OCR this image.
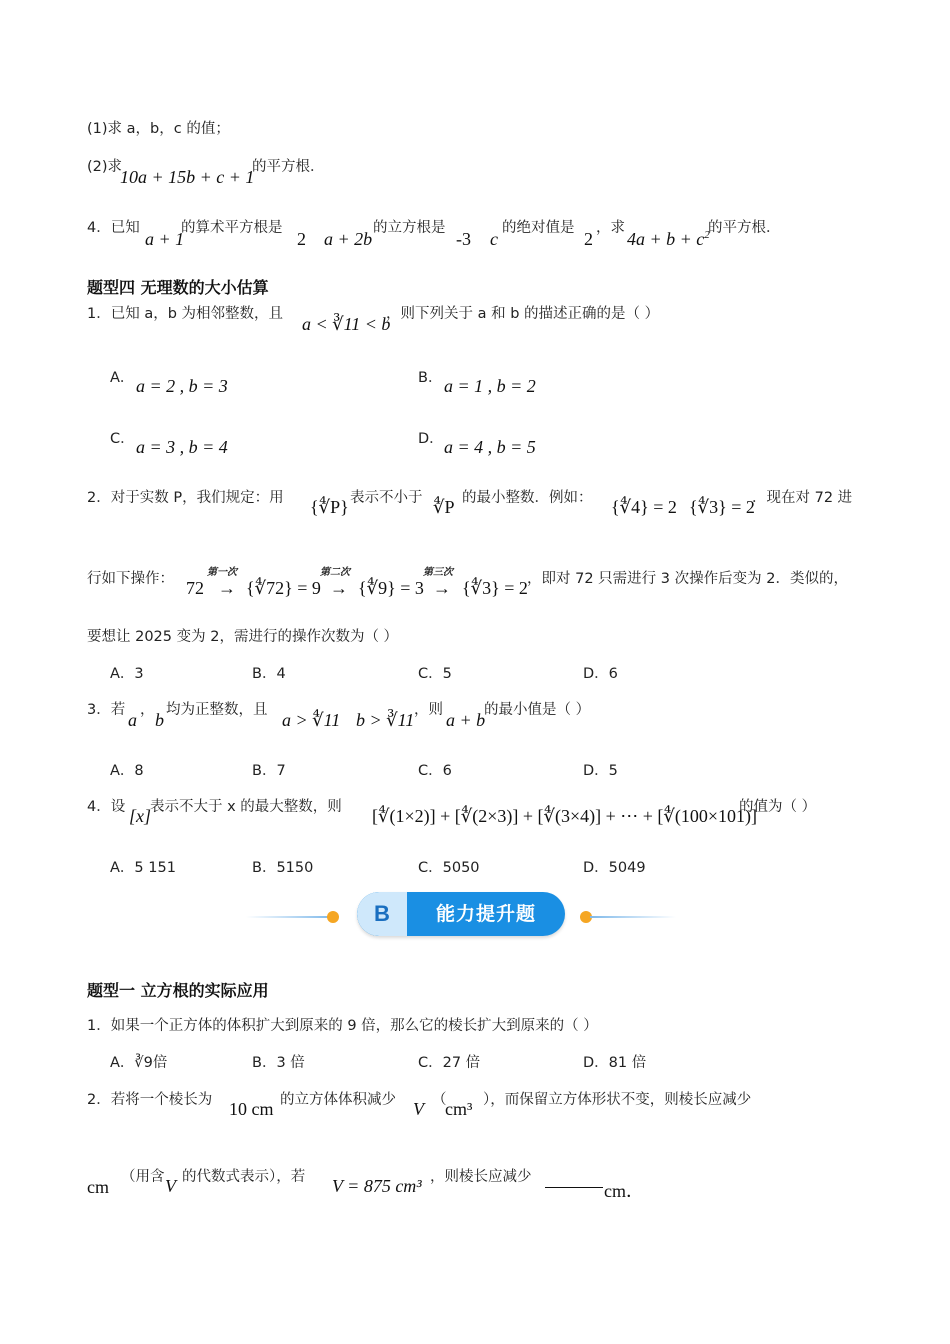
(1)求 a，b，c 的值；
(2)求
10a + 15b + c + 1
的平方根．
4．已知
a + 1
的算术平方根是
2 a + 2b
的立方根是
-3 c
的绝对值是
2
，求
$4a + b + c^2$
的平方根．
题型四 无理数的大小估算
1．已知 a，b 为相邻整数，且 a < ∛11 < b
，则下列关于 a 和 b 的描述正确的是（ ）
A． a = 2 , b = 3	B． a = 1 , b = 2
C． a = 3 , b = 4	D． a = 4 , b = 5
2．对于实数 P，我们规定：用 {∜P} 表示不小于 ∜P 的最小整数．例如： {∜4} = 2 {∜3} = 2
．现在对 72 进
行如下操作： 72
第一次
→ {∜72} = 9
第二次
→ {∜9} = 3
第三次
→ {∜3} = 2 ，即对 72 只需进行 3 次操作后变为 2．类似的，
要想让 2025 变为 2，需进行的操作次数为（ ）
A．3	B．4	C．5	D．6
3．若 a ， b 均为正整数，且 a > ∜11 b > ∛11 ，则 a + b
的最小值是（ ）
A．8	B．7	C．6	D．5
4．设 [x] 表示不大于 x 的最大整数，则 [∜(1×2)] + [∜(2×3)] + [∜(3×4)] + ⋯ + [∜(100×101)]
的值为（ ）
A．5 151	B．5150	C．5050	D．5049
B	能力提升题
题型一 立方根的实际应用
1．如果一个正方体的体积扩大到原来的 9 倍，那么它的棱长扩大到原来的（ ）
A．∛9倍	B．3 倍	C．27 倍	D．81 倍
2．若将一个棱长为 10 cm 的立方体体积减少 V （
cm³ ），而保留立方体形状不变，则棱长应减少
cm （用含 V 的代数式表示），若 V = 875 cm³ ，则棱长应减少
cm．
